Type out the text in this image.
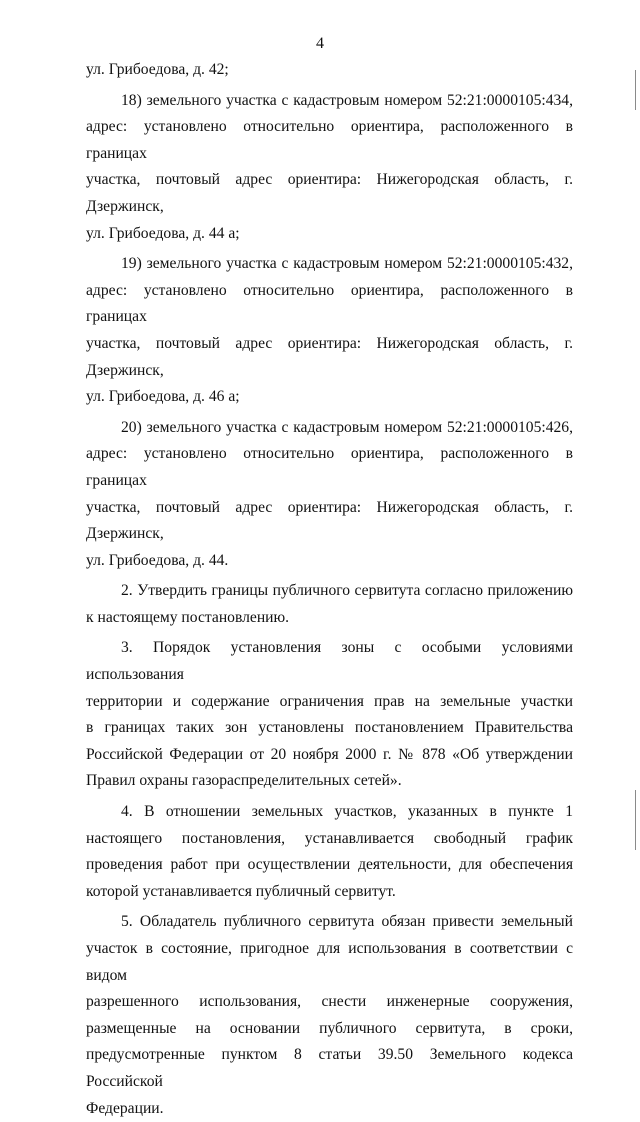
4

ул. Грибоедова, д. 42;

18) земельного участка с кадастровым номером 52:21:0000105:434,

адрес: установлено относительно ориентира, расположенного в границах

участка, почтовый адрес ориентира: Нижегородская область, г. Дзержинск,

ул. Грибоедова, д. 44 а;

19) земельного участка с кадастровым номером 52:21:0000105:432,

адрес: установлено относительно ориентира, расположенного в границах

участка, почтовый адрес ориентира: Нижегородская область, г. Дзержинск,

ул. Грибоедова, д. 46 а;

20) земельного участка с кадастровым номером 52:21:0000105:426,

адрес: установлено относительно ориентира, расположенного в границах

участка, почтовый адрес ориентира: Нижегородская область, г. Дзержинск,

ул. Грибоедова, д. 44.

2. Утвердить границы публичного сервитута согласно приложению

к настоящему постановлению.

3. Порядок установления зоны с особыми условиями использования

территории и содержание ограничения прав на земельные участки

в границах таких зон установлены постановлением Правительства

Российской Федерации от 20 ноября 2000 г. № 878 «Об утверждении

Правил охраны газораспределительных сетей».

4. В отношении земельных участков, указанных в пункте 1

настоящего постановления, устанавливается свободный график

проведения работ при осуществлении деятельности, для обеспечения

которой устанавливается публичный сервитут.

5. Обладатель публичного сервитута обязан привести земельный

участок в состояние, пригодное для использования в соответствии с видом

разрешенного использования, снести инженерные сооружения,

размещенные на основании публичного сервитута, в сроки,

предусмотренные пунктом 8 статьи 39.50 Земельного кодекса Российской

Федерации.
